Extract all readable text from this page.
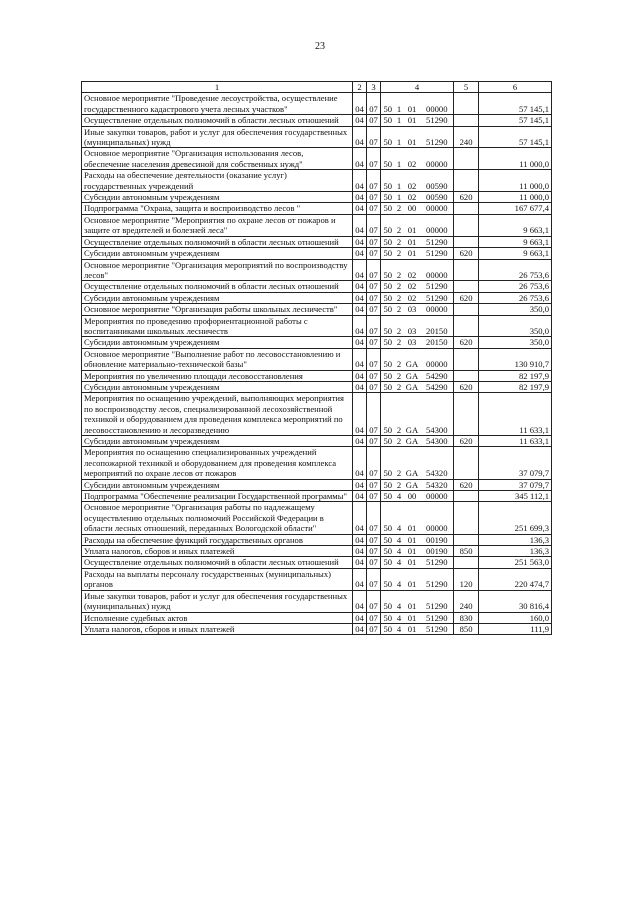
23
1	2	3	4				5	6
Основное мероприятие "Проведение лесоустройства, осуществление государственного кадастрового учета лесных участков"	04	07	50	1	01	00000		57 145,1
Осуществление отдельных полномочий в области лесных отношений	04	07	50	1	01	51290		57 145,1
Иные закупки товаров, работ и услуг для обеспечения государственных (муниципальных) нужд	04	07	50	1	01	51290	240	57 145,1
Основное мероприятие "Организация использования лесов, обеспечение населения древесиной для собственных нужд"	04	07	50	1	02	00000		11 000,0
Расходы на обеспечение деятельности (оказание услуг) государственных учреждений	04	07	50	1	02	00590		11 000,0
Субсидии автономным учреждениям	04	07	50	1	02	00590	620	11 000,0
Подпрограмма "Охрана, защита и воспроизводство лесов "	04	07	50	2	00	00000		167 677,4
Основное мероприятие "Мероприятия по охране лесов от пожаров и защите от вредителей и болезней леса"	04	07	50	2	01	00000		9 663,1
Осуществление отдельных полномочий в области лесных отношений	04	07	50	2	01	51290		9 663,1
Субсидии автономным учреждениям	04	07	50	2	01	51290	620	9 663,1
Основное мероприятие "Организация мероприятий по воспроизводству лесов"	04	07	50	2	02	00000		26 753,6
Осуществление отдельных полномочий в области лесных отношений	04	07	50	2	02	51290		26 753,6
Субсидии автономным учреждениям	04	07	50	2	02	51290	620	26 753,6
Основное мероприятие "Организация работы школьных лесничеств"	04	07	50	2	03	00000		350,0
Мероприятия по проведению профориентационной работы с воспитанниками школьных лесничеств	04	07	50	2	03	20150		350,0
Субсидии автономным учреждениям	04	07	50	2	03	20150	620	350,0
Основное мероприятие "Выполнение работ по лесовосстановлению и обновление материально-технической базы"	04	07	50	2	GA	00000		130 910,7
Мероприятия по увеличению площади лесовосстановления	04	07	50	2	GA	54290		82 197,9
Субсидии автономным учреждениям	04	07	50	2	GA	54290	620	82 197,9
Мероприятия по оснащению учреждений, выполняющих мероприятия по воспроизводству лесов, специализированной лесохозяйственной техникой и оборудованием для проведения комплекса мероприятий по лесовосстановлению и лесоразведению	04	07	50	2	GA	54300		11 633,1
Субсидии автономным учреждениям	04	07	50	2	GA	54300	620	11 633,1
Мероприятия по оснащению специализированных учреждений лесопожарной техникой и оборудованием для проведения комплекса мероприятий по охране лесов от пожаров	04	07	50	2	GA	54320		37 079,7
Субсидии автономным учреждениям	04	07	50	2	GA	54320	620	37 079,7
Подпрограмма "Обеспечение реализации Государственной программы"	04	07	50	4	00	00000		345 112,1
Основное мероприятие "Организация работы по надлежащему осуществлению отдельных полномочий Российской Федерации в области лесных отношений, переданных Вологодской области"	04	07	50	4	01	00000		251 699,3
Расходы на обеспечение функций государственных органов	04	07	50	4	01	00190		136,3
Уплата налогов, сборов и иных платежей	04	07	50	4	01	00190	850	136,3
Осуществление отдельных полномочий в области лесных отношений	04	07	50	4	01	51290		251 563,0
Расходы на выплаты персоналу государственных (муниципальных) органов	04	07	50	4	01	51290	120	220 474,7
Иные закупки товаров, работ и услуг для обеспечения государственных (муниципальных) нужд	04	07	50	4	01	51290	240	30 816,4
Исполнение судебных актов	04	07	50	4	01	51290	830	160,0
Уплата налогов, сборов и иных платежей	04	07	50	4	01	51290	850	111,9
